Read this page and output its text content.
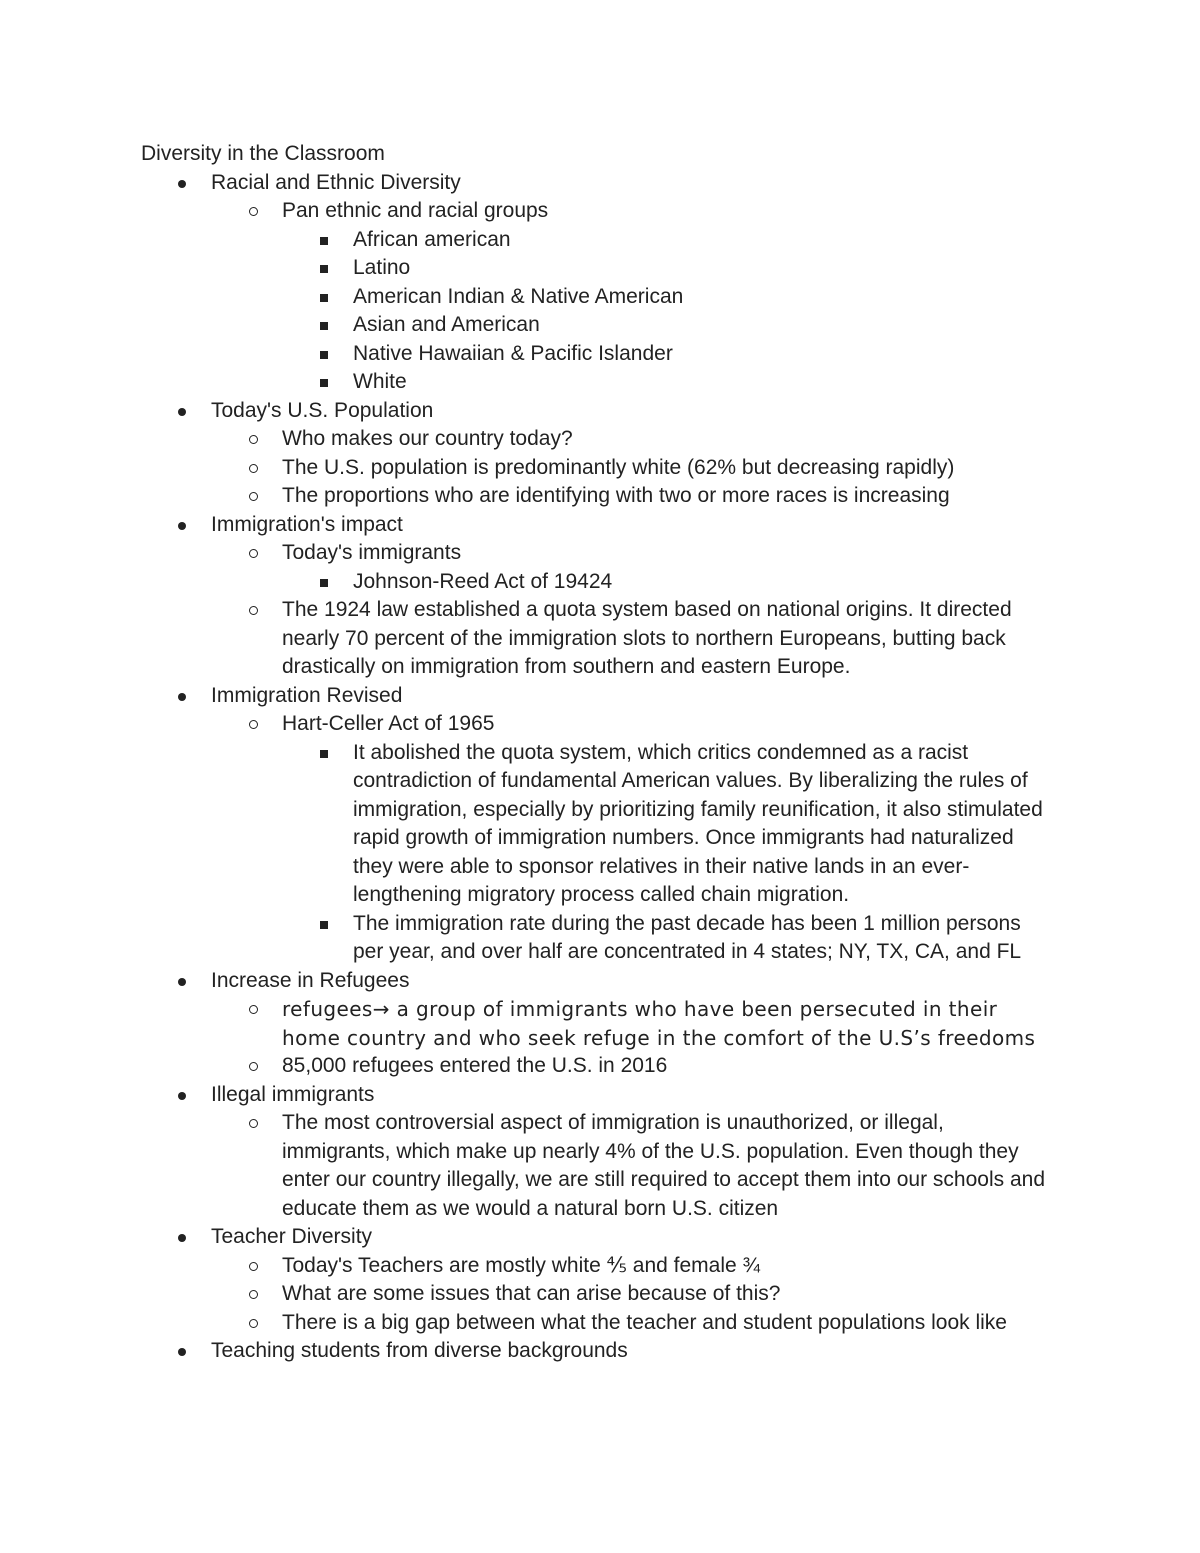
Diversity in the Classroom
Racial and Ethnic Diversity
Pan ethnic and racial groups
African american
Latino
American Indian & Native American
Asian and American
Native Hawaiian & Pacific Islander
White
Today's U.S. Population
Who makes our country today?
The U.S. population is predominantly white (62% but decreasing rapidly)
The proportions who are identifying with two or more races is increasing
Immigration's impact
Today's immigrants
Johnson-Reed Act of 19424
The 1924 law established a quota system based on national origins. It directed nearly 70 percent of the immigration slots to northern Europeans, butting back drastically on immigration from southern and eastern Europe.
Immigration Revised
Hart-Celler Act of 1965
It abolished the quota system, which critics condemned as a racist contradiction of fundamental American values. By liberalizing the rules of immigration, especially by prioritizing family reunification, it also stimulated rapid growth of immigration numbers. Once immigrants had naturalized they were able to sponsor relatives in their native lands in an ever-lengthening migratory process called chain migration.
The immigration rate during the past decade has been 1 million persons per year, and over half are concentrated in 4 states; NY, TX, CA, and FL
Increase in Refugees
refugees→ a group of immigrants who have been persecuted in their home country and who seek refuge in the comfort of the U.S’s freedoms
85,000 refugees entered the U.S. in 2016
Illegal immigrants
The most controversial aspect of immigration is unauthorized, or illegal, immigrants, which make up nearly 4% of the U.S. population. Even though they enter our country illegally, we are still required to accept them into our schools and educate them as we would a natural born U.S. citizen
Teacher Diversity
Today's Teachers are mostly white ⅘ and female ¾
What are some issues that can arise because of this?
There is a big gap between what the teacher and student populations look like
Teaching students from diverse backgrounds
